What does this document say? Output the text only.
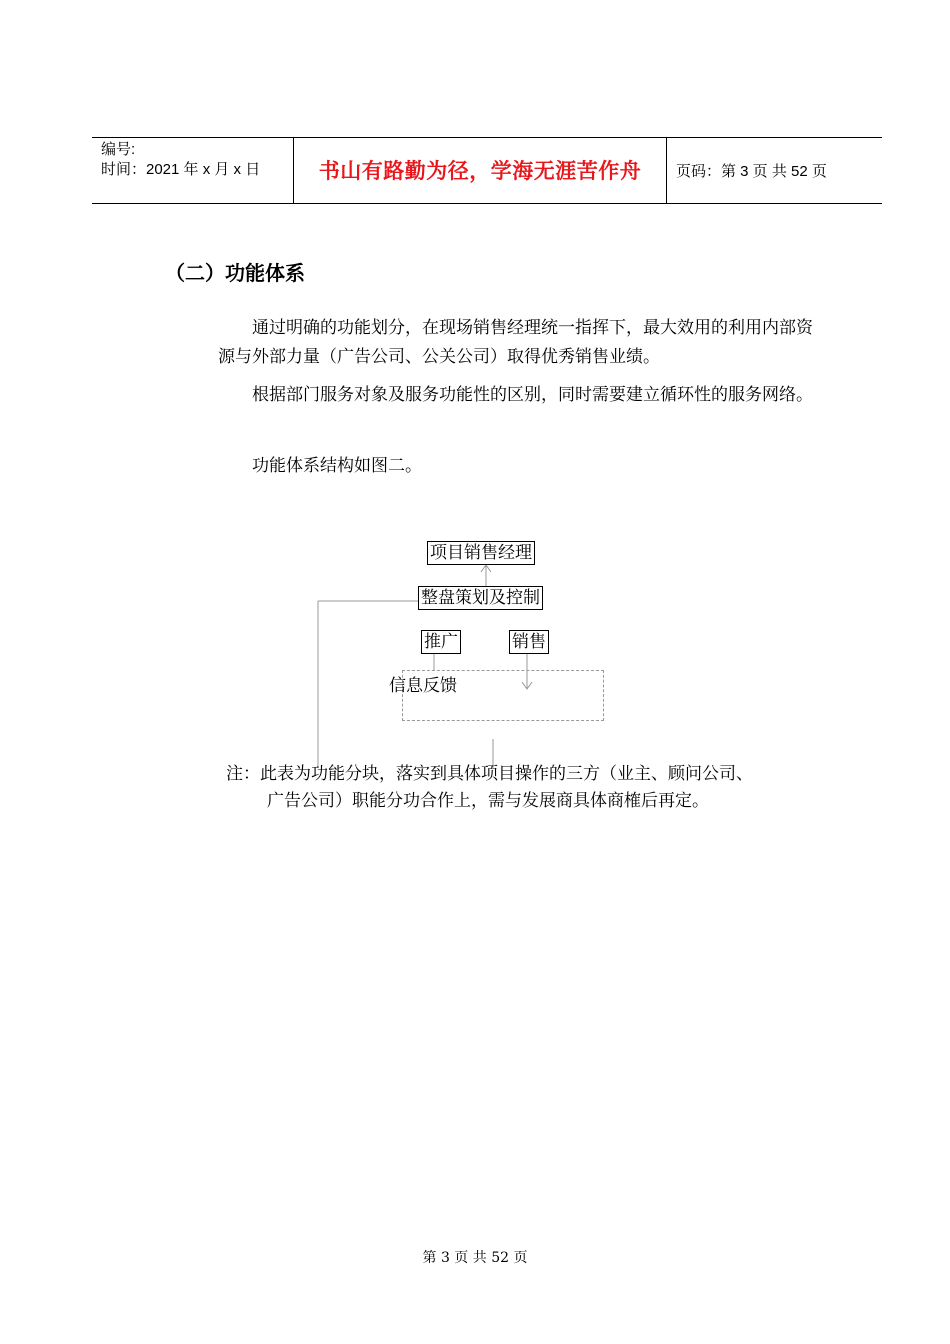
编号:
时间：2021 年 x 月 x 日	书山有路勤为径，学海无涯苦作舟	页码：第 3 页 共 52 页
（二）功能体系

通过明确的功能划分，在现场销售经理统一指挥下，最大效用的利用内部资源与外部力量（广告公司、公关公司）取得优秀销售业绩。

根据部门服务对象及服务功能性的区别，同时需要建立循环性的服务网络。

功能体系结构如图二。

项目销售经理
整盘策划及控制
推广	销售
信息反馈
注：此表为功能分块，落实到具体项目操作的三方（业主、顾问公司、
广告公司）职能分功合作上，需与发展商具体商榷后再定。
第 3 页 共 52 页
